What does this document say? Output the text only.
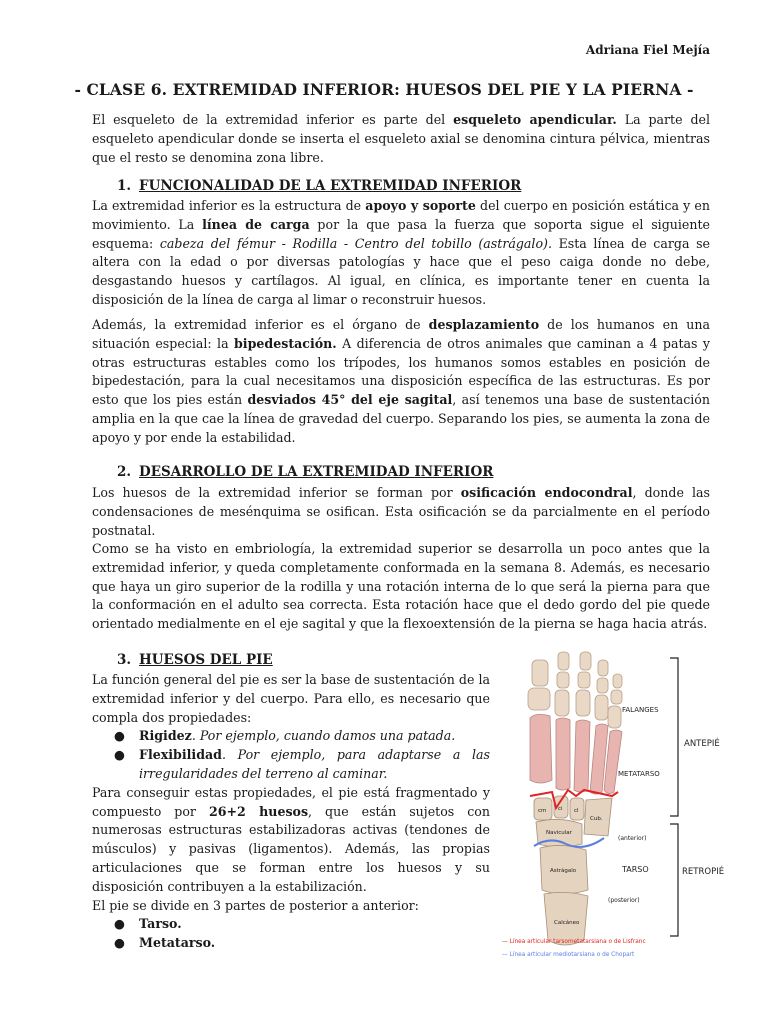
Adriana Fiel Mejía
- CLASE 6. EXTREMIDAD INFERIOR: HUESOS DEL PIE Y LA PIERNA -

El esqueleto de la extremidad inferior es parte del esqueleto apendicular. La parte del esqueleto apendicular donde se inserta el esqueleto axial se denomina cintura pélvica, mientras que el resto se denomina zona libre.

1. FUNCIONALIDAD DE LA EXTREMIDAD INFERIOR

La extremidad inferior es la estructura de apoyo y soporte del cuerpo en posición estática y en movimiento. La línea de carga por la que pasa la fuerza que soporta sigue el siguiente esquema: cabeza del fémur - Rodilla - Centro del tobillo (astrágalo). Esta línea de carga se altera con la edad o por diversas patologías y hace que el peso caiga donde no debe, desgastando huesos y cartílagos. Al igual, en clínica, es importante tener en cuenta la disposición de la línea de carga al limar o reconstruir huesos.

Además, la extremidad inferior es el órgano de desplazamiento de los humanos en una situación especial: la bipedestación. A diferencia de otros animales que caminan a 4 patas y otras estructuras estables como los trípodes, los humanos somos estables en posición de bipedestación, para la cual necesitamos una disposición específica de las estructuras. Es por esto que los pies están desviados 45° del eje sagital, así tenemos una base de sustentación amplia en la que cae la línea de gravedad del cuerpo. Separando los pies, se aumenta la zona de apoyo y por ende la estabilidad.

2. DESARROLLO DE LA EXTREMIDAD INFERIOR

Los huesos de la extremidad inferior se forman por osificación endocondral, donde las condensaciones de mesénquima se osifican. Esta osificación se da parcialmente en el período postnatal.

Como se ha visto en embriología, la extremidad superior se desarrolla un poco antes que la extremidad inferior, y queda completamente conformada en la semana 8. Además, es necesario que haya un giro superior de la rodilla y una rotación interna de lo que será la pierna para que la conformación en el adulto sea correcta. Esta rotación hace que el dedo gordo del pie quede orientado medialmente en el eje sagital y que la flexoextensión de la pierna se haga hacia atrás.

3. HUESOS DEL PIE

La función general del pie es ser la base de sustentación de la extremidad inferior y del cuerpo. Para ello, es necesario que compla dos propiedades:

● Rigidez. Por ejemplo, cuando damos una patada.
● Flexibilidad. Por ejemplo, para adaptarse a las irregularidades del terreno al caminar.

Para conseguir estas propiedades, el pie está fragmentado y compuesto por 26+2 huesos, que están sujetos con numerosas estructuras estabilizadoras activas (tendones de músculos) y pasivas (ligamentos). Además, las propias articulaciones que se forman entre los huesos y su disposición contribuyen a la estabilización.

El pie se divide en 3 partes de posterior a anterior:

● Tarso.
● Metatarso.
cm ci cl
Navicular
Cub.
Astrágalo
Calcáneo
FALANGES
METATARSO
TARSO
(anterior)
(posterior)
ANTEPIÉ
RETROPIÉ
— Línea articular tarsometatarsiana o de Lisfranc
— Línea articular mediotarsiana o de Chopart
